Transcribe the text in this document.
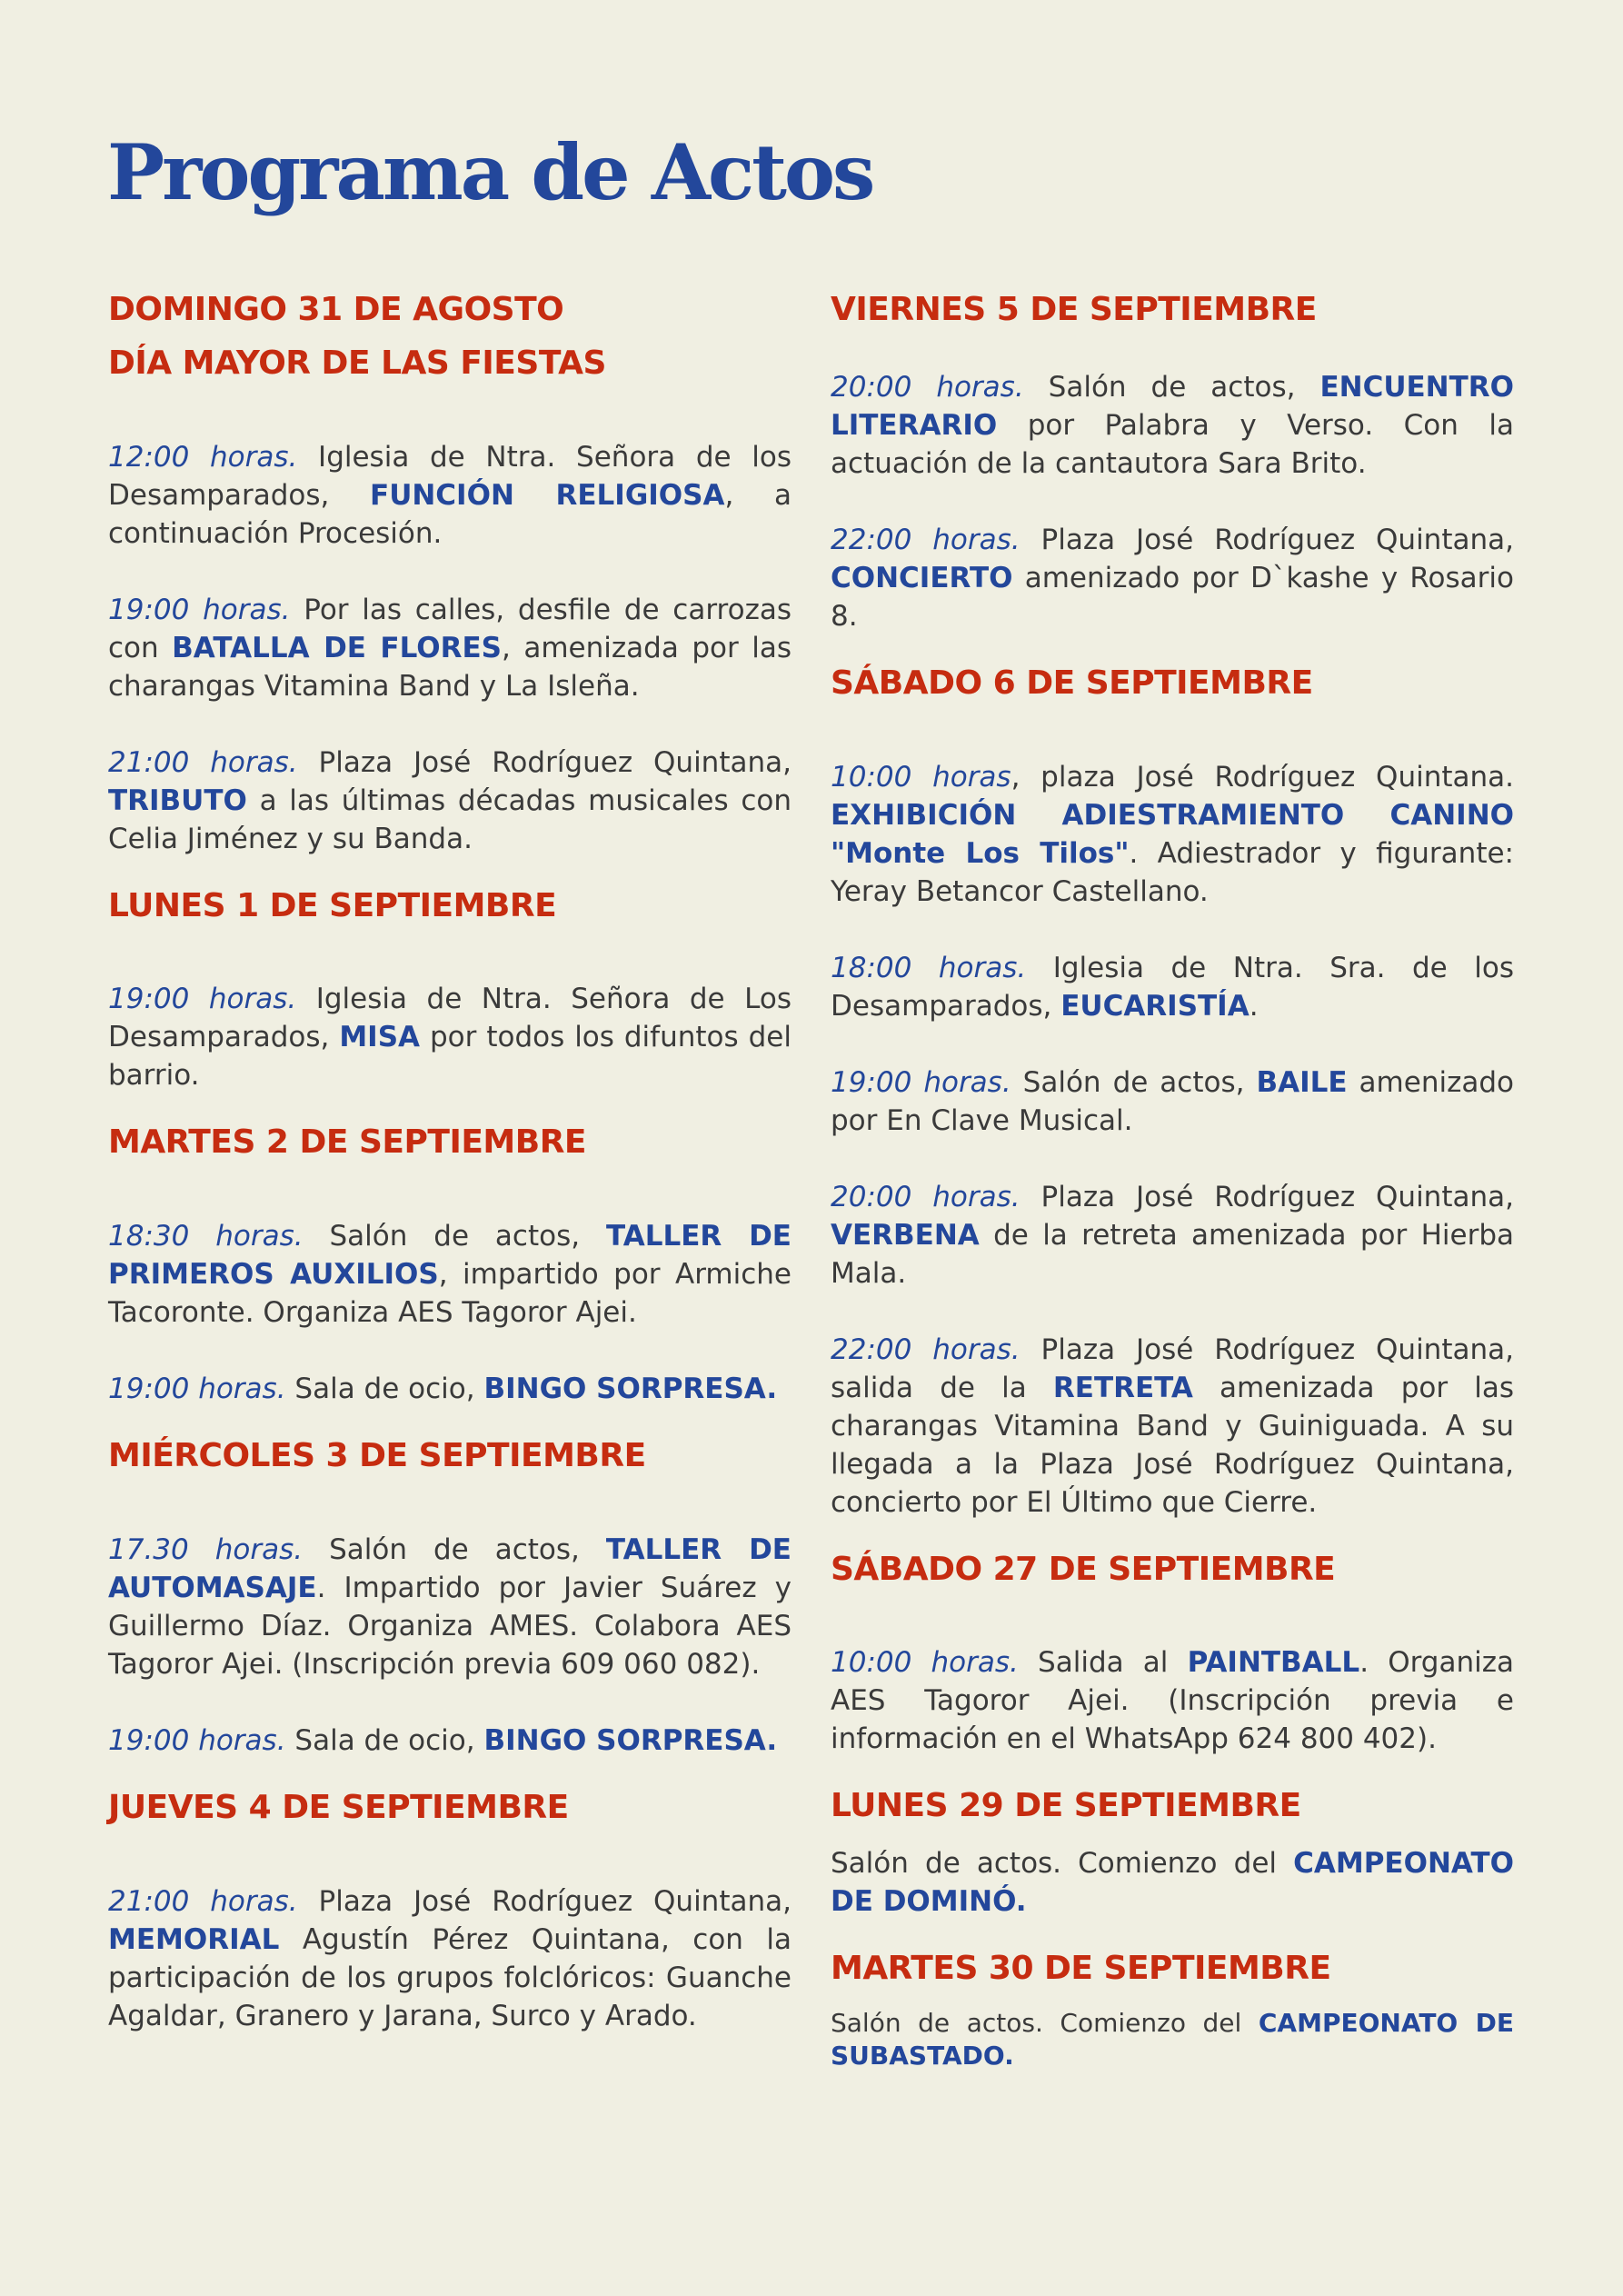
Programa de Actos
DOMINGO 31 DE AGOSTO
DÍA MAYOR DE LAS FIESTAS

12:00 horas. Iglesia de Ntra. Señora de los Desamparados, FUNCIÓN RELIGIOSA, a continuación Procesión.

19:00 horas. Por las calles, desfile de carrozas con BATALLA DE FLORES, amenizada por las charangas Vitamina Band y La Isleña.

21:00 horas. Plaza José Rodríguez Quintana, TRIBUTO a las últimas décadas musicales con Celia Jiménez y su Banda.

LUNES 1 DE SEPTIEMBRE

19:00 horas. Iglesia de Ntra. Señora de Los Desamparados, MISA por todos los difuntos del barrio.

MARTES 2 DE SEPTIEMBRE

18:30 horas. Salón de actos, TALLER DE PRIMEROS AUXILIOS, impartido por Armiche Tacoronte. Organiza AES Tagoror Ajei.

19:00 horas. Sala de ocio, BINGO SORPRESA.

MIÉRCOLES 3 DE SEPTIEMBRE

17.30 horas. Salón de actos, TALLER DE AUTOMASAJE. Impartido por Javier Suárez y Guillermo Díaz. Organiza AMES. Colabora AES Tagoror Ajei. (Inscripción previa 609 060 082).

19:00 horas. Sala de ocio, BINGO SORPRESA.

JUEVES 4 DE SEPTIEMBRE

21:00 horas. Plaza José Rodríguez Quintana, MEMORIAL Agustín Pérez Quintana, con la participación de los grupos folclóricos: Guanche Agaldar, Granero y Jarana, Surco y Arado.

VIERNES 5 DE SEPTIEMBRE

20:00 horas. Salón de actos, ENCUENTRO LITERARIO por Palabra y Verso. Con la actuación de la cantautora Sara Brito.

22:00 horas. Plaza José Rodríguez Quintana, CONCIERTO amenizado por D`kashe y Rosario 8.

SÁBADO 6 DE SEPTIEMBRE

10:00 horas, plaza José Rodríguez Quintana. EXHIBICIÓN ADIESTRAMIENTO CANINO "Monte Los Tilos". Adiestrador y figurante: Yeray Betancor Castellano.

18:00 horas. Iglesia de Ntra. Sra. de los Desamparados, EUCARISTÍA.

19:00 horas. Salón de actos, BAILE amenizado por En Clave Musical.

20:00 horas. Plaza José Rodríguez Quintana, VERBENA de la retreta amenizada por Hierba Mala.

22:00 horas. Plaza José Rodríguez Quintana, salida de la RETRETA amenizada por las charangas Vitamina Band y Guiniguada. A su llegada a la Plaza José Rodríguez Quintana, concierto por El Último que Cierre.

SÁBADO 27 DE SEPTIEMBRE

10:00 horas. Salida al PAINTBALL. Organiza AES Tagoror Ajei. (Inscripción previa e información en el WhatsApp 624 800 402).

LUNES 29 DE SEPTIEMBRE

Salón de actos. Comienzo del CAMPEONATO DE DOMINÓ.

MARTES 30 DE SEPTIEMBRE

Salón de actos. Comienzo del CAMPEONATO DE SUBASTADO.
